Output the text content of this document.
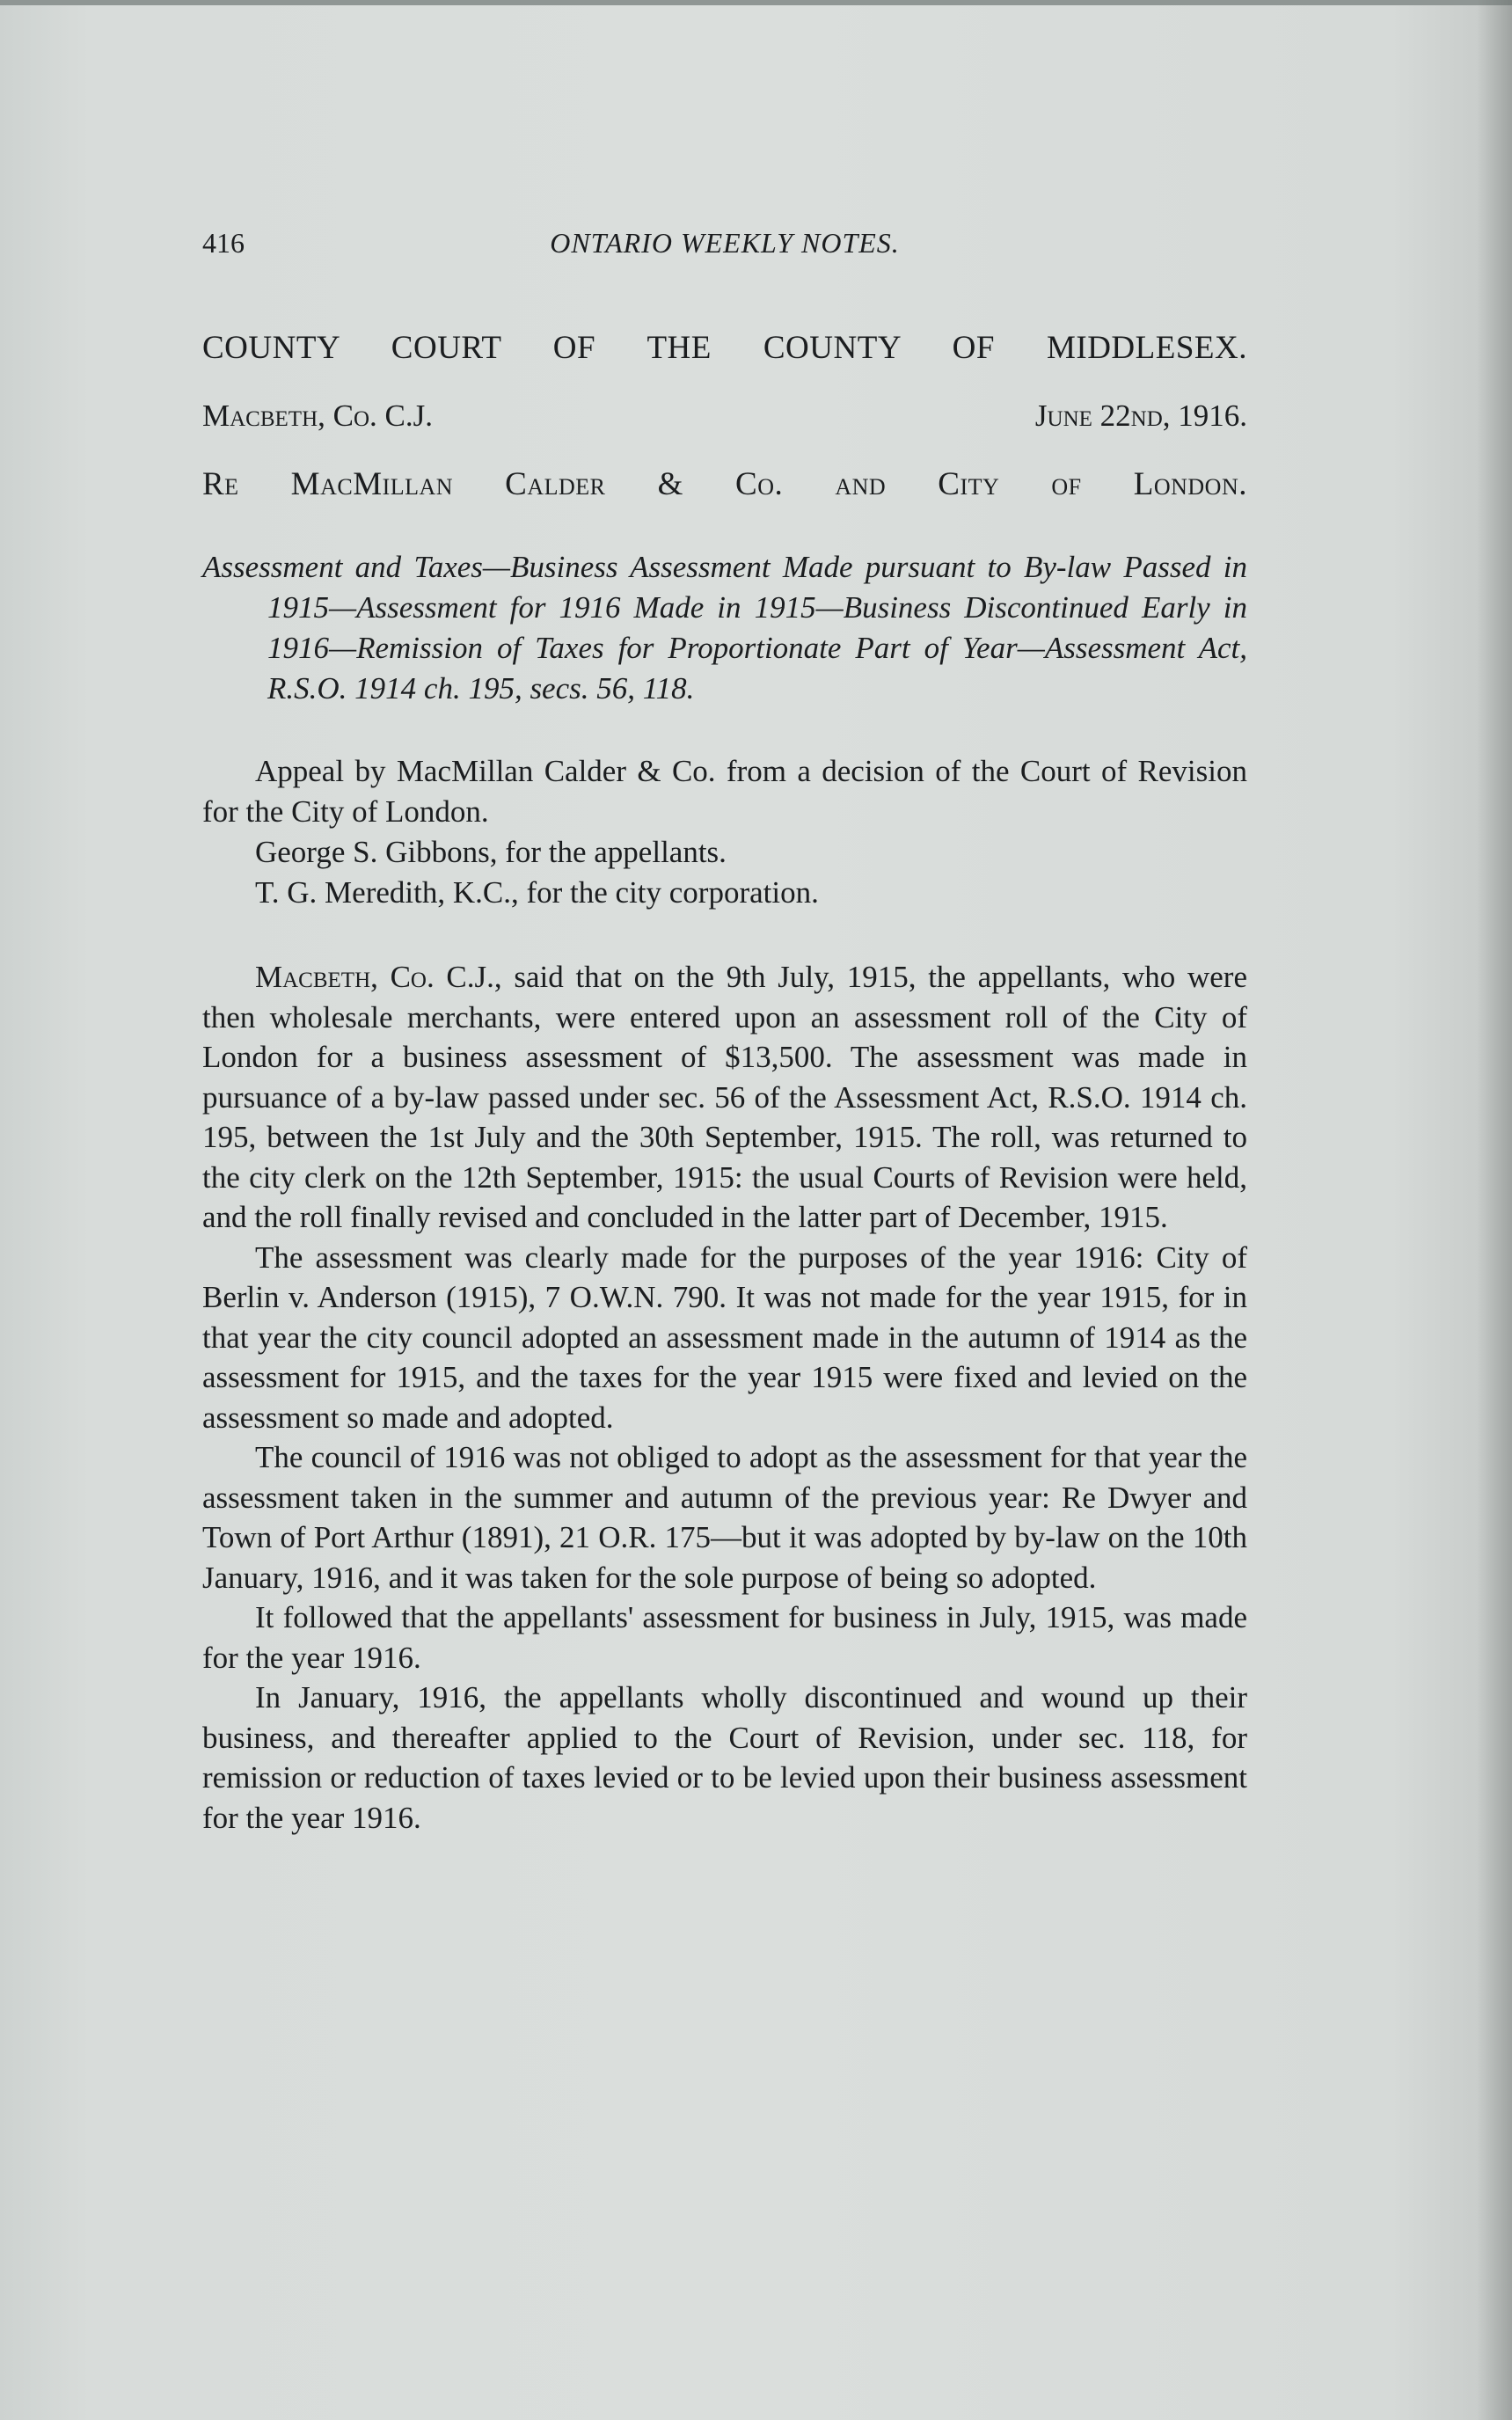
416	ONTARIO WEEKLY NOTES.
COUNTY COURT OF THE COUNTY OF MIDDLESEX.
Macbeth, Co. C.J.	June 22nd, 1916.
Re MacMillan Calder & Co. and City of London.
Assessment and Taxes—Business Assessment Made pursuant to By-law Passed in 1915—Assessment for 1916 Made in 1915—Business Discontinued Early in 1916—Remission of Taxes for Proportionate Part of Year—Assessment Act, R.S.O. 1914 ch. 195, secs. 56, 118.

Appeal by MacMillan Calder & Co. from a decision of the Court of Revision for the City of London.

George S. Gibbons, for the appellants.
T. G. Meredith, K.C., for the city corporation.

Macbeth, Co. C.J., said that on the 9th July, 1915, the appellants, who were then wholesale merchants, were entered upon an assessment roll of the City of London for a business assessment of $13,500. The assessment was made in pursuance of a by-law passed under sec. 56 of the Assessment Act, R.S.O. 1914 ch. 195, between the 1st July and the 30th September, 1915. The roll, was returned to the city clerk on the 12th September, 1915: the usual Courts of Revision were held, and the roll finally revised and concluded in the latter part of December, 1915.

The assessment was clearly made for the purposes of the year 1916: City of Berlin v. Anderson (1915), 7 O.W.N. 790. It was not made for the year 1915, for in that year the city council adopted an assessment made in the autumn of 1914 as the assessment for 1915, and the taxes for the year 1915 were fixed and levied on the assessment so made and adopted.

The council of 1916 was not obliged to adopt as the assessment for that year the assessment taken in the summer and autumn of the previous year: Re Dwyer and Town of Port Arthur (1891), 21 O.R. 175—but it was adopted by by-law on the 10th January, 1916, and it was taken for the sole purpose of being so adopted.

It followed that the appellants' assessment for business in July, 1915, was made for the year 1916.

In January, 1916, the appellants wholly discontinued and wound up their business, and thereafter applied to the Court of Revision, under sec. 118, for remission or reduction of taxes levied or to be levied upon their business assessment for the year 1916.
